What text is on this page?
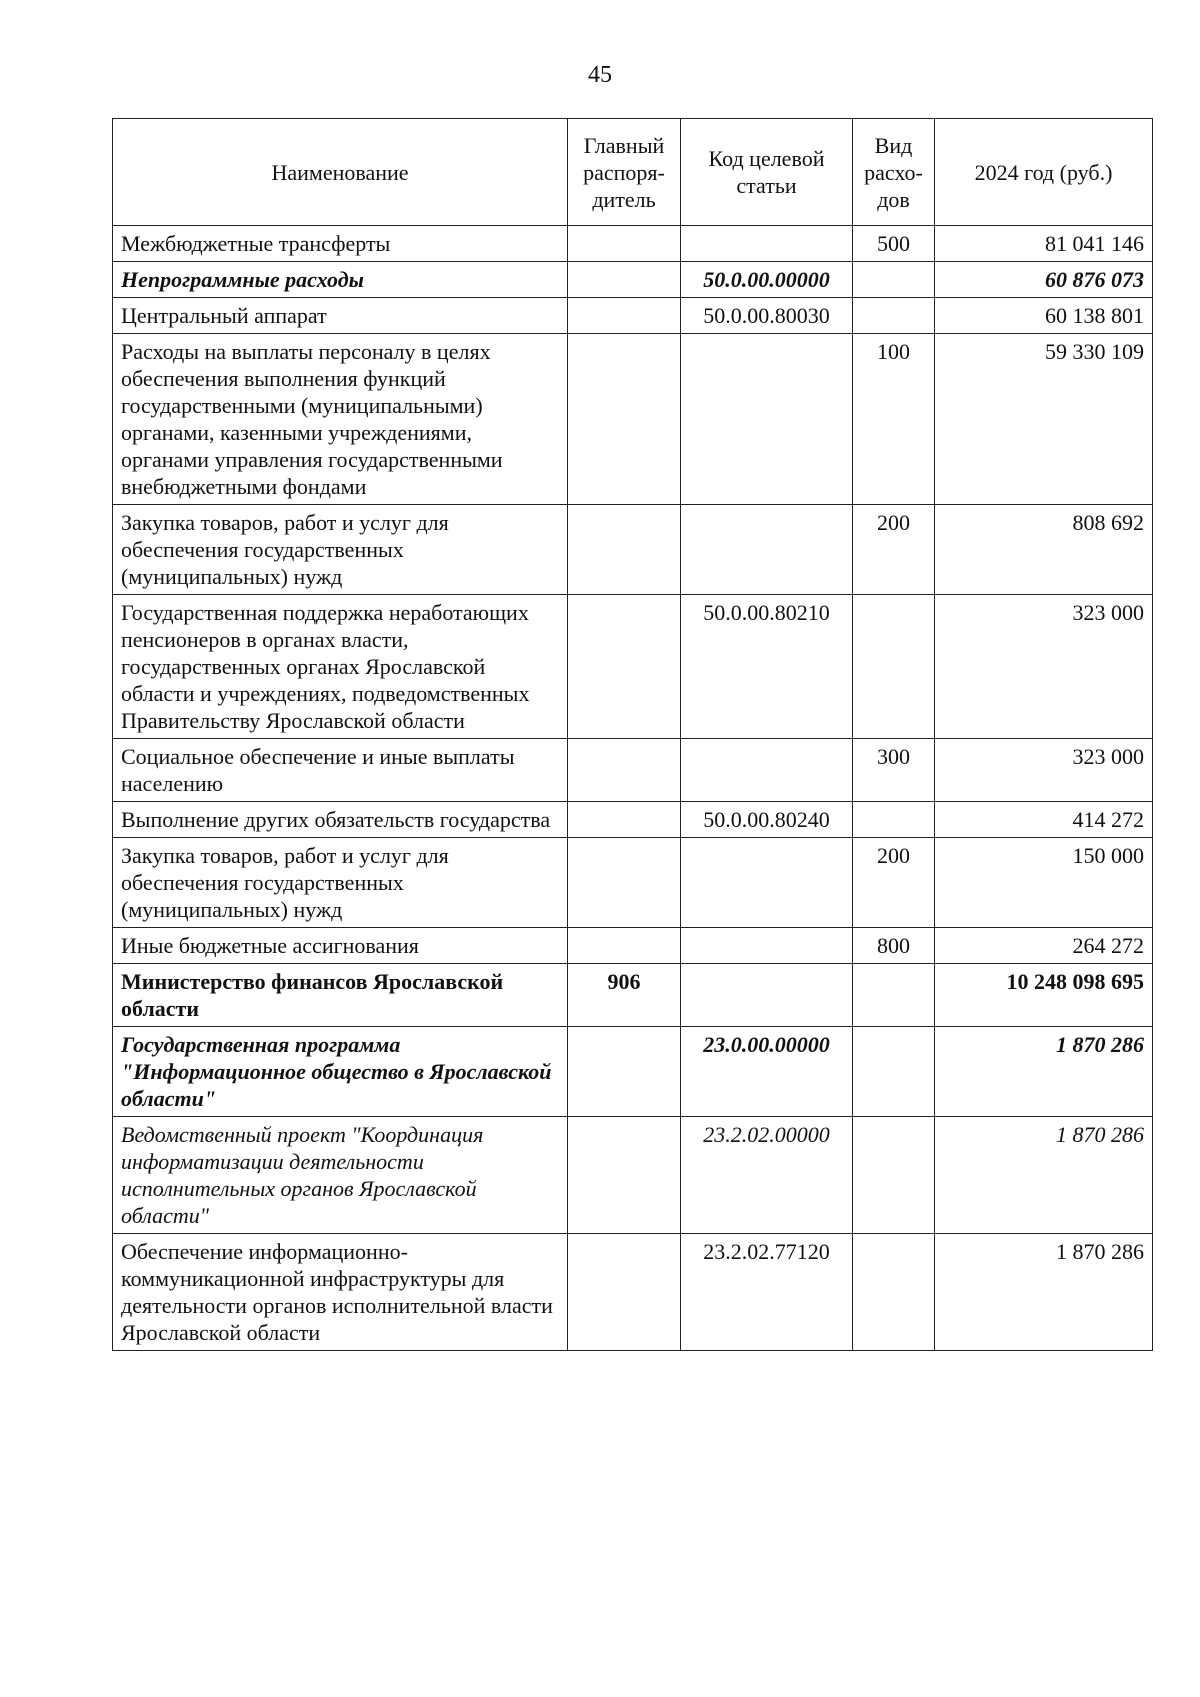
45
Наименование	Главный распоря-дитель	Код целевой статьи	Вид расхо-дов	2024 год (руб.)
Межбюджетные трансферты			500	81 041 146
Непрограммные расходы		50.0.00.00000		60 876 073
Центральный аппарат		50.0.00.80030		60 138 801
Расходы на выплаты персоналу в целях обеспечения выполнения функций государственными (муниципальными) органами, казенными учреждениями, органами управления государственными внебюджетными фондами			100	59 330 109
Закупка товаров, работ и услуг для обеспечения государственных (муниципальных) нужд			200	808 692
Государственная поддержка неработающих пенсионеров в органах власти, государственных органах Ярославской области и учреждениях, подведомственных Правительству Ярославской области		50.0.00.80210		323 000
Социальное обеспечение и иные выплаты населению			300	323 000
Выполнение других обязательств государства		50.0.00.80240		414 272
Закупка товаров, работ и услуг для обеспечения государственных (муниципальных) нужд			200	150 000
Иные бюджетные ассигнования			800	264 272
Министерство финансов Ярославской области	906			10 248 098 695
Государственная программа "Информационное общество в Ярославской области"		23.0.00.00000		1 870 286
Ведомственный проект "Координация информатизации деятельности исполнительных органов Ярославской области"		23.2.02.00000		1 870 286
Обеспечение информационно-коммуникационной инфраструктуры для деятельности органов исполнительной власти Ярославской области		23.2.02.77120		1 870 286
